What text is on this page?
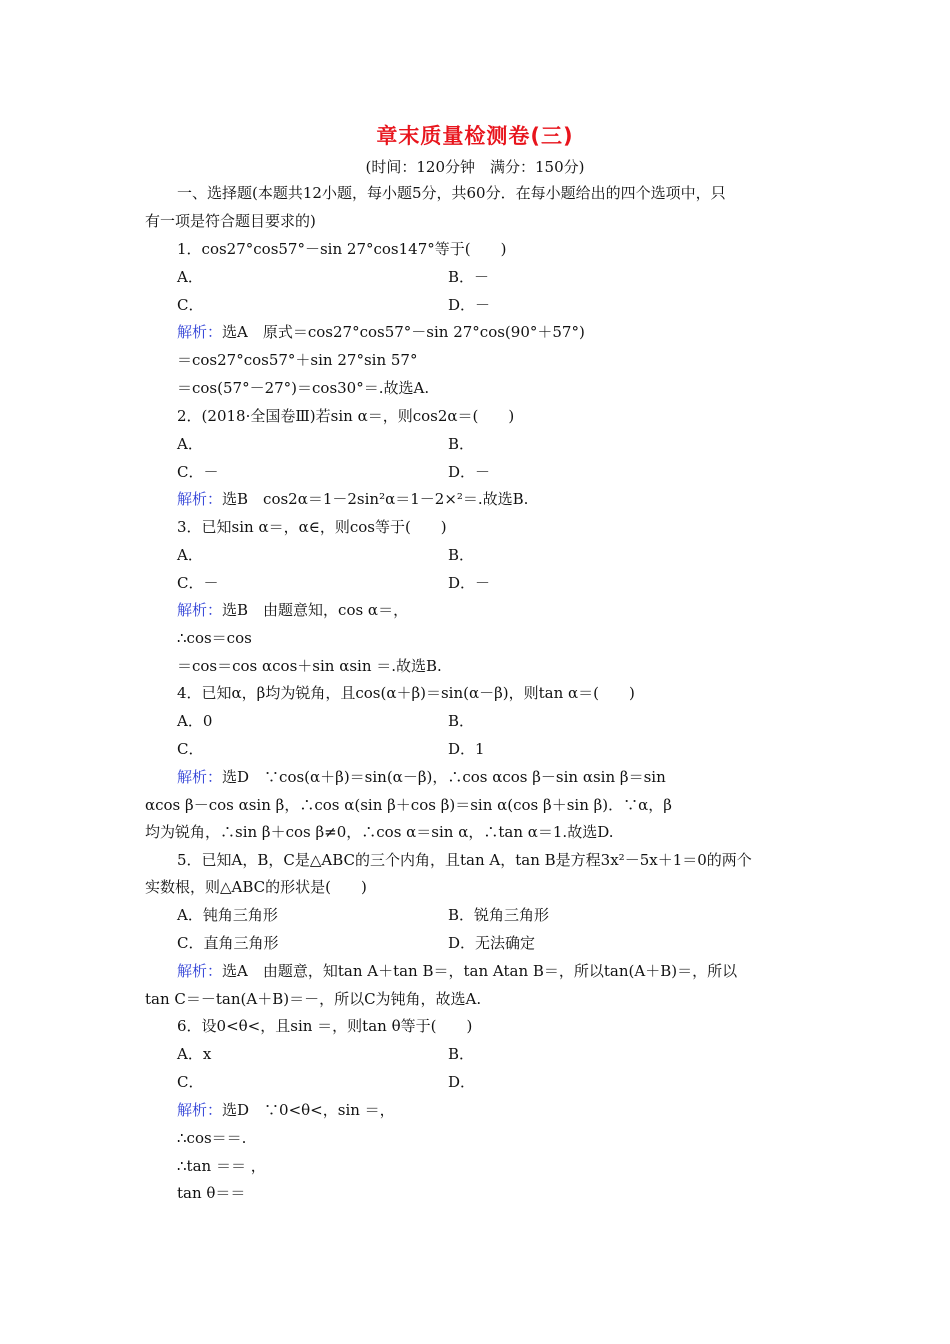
章末质量检测卷(三)
(时间：120分钟　满分：150分)
一、选择题(本题共12小题，每小题5分，共60分．在每小题给出的四个选项中，只
有一项是符合题目要求的)
1．cos27°cos57°－sin 27°cos147°等于(　　)
A．	B．－
C．	D．－
解析：选A　原式＝cos27°cos57°－sin 27°cos(90°＋57°)
＝cos27°cos57°＋sin 27°sin 57°
＝cos(57°－27°)＝cos30°＝.故选A.
2．(2018·全国卷Ⅲ)若sin α＝，则cos2α＝(　　)
A．	B．
C．－	D．－
解析：选B　cos2α＝1－2sin²α＝1－2×²＝.故选B.
3．已知sin α＝，α∈，则cos等于(　　)
A．	B．
C．－	D．－
解析：选B　由题意知，cos α＝，
∴cos＝cos
＝cos＝cos αcos＋sin αsin ＝.故选B.
4．已知α，β均为锐角，且cos(α＋β)＝sin(α－β)，则tan α＝(　　)
A．0	B．
C．	D．1
解析：选D　∵cos(α＋β)＝sin(α－β)，∴cos αcos β－sin αsin β＝sin
αcos β－cos αsin β，∴cos α(sin β＋cos β)＝sin α(cos β＋sin β)．∵α，β
均为锐角，∴sin β＋cos β≠0，∴cos α＝sin α，∴tan α＝1.故选D.
5．已知A，B，C是△ABC的三个内角，且tan A，tan B是方程3x²－5x＋1＝0的两个
实数根，则△ABC的形状是(　　)
A．钝角三角形	B．锐角三角形
C．直角三角形	D．无法确定
解析：选A　由题意，知tan A＋tan B＝，tan Atan B＝，所以tan(A＋B)＝，所以
tan C＝－tan(A＋B)＝－，所以C为钝角，故选A.
6．设0<θ<，且sin ＝，则tan θ等于(　　)
A．x	B．
C．	D．
解析：选D　∵0<θ<，sin ＝，
∴cos＝＝.
∴tan ＝＝ ，
tan θ＝＝
